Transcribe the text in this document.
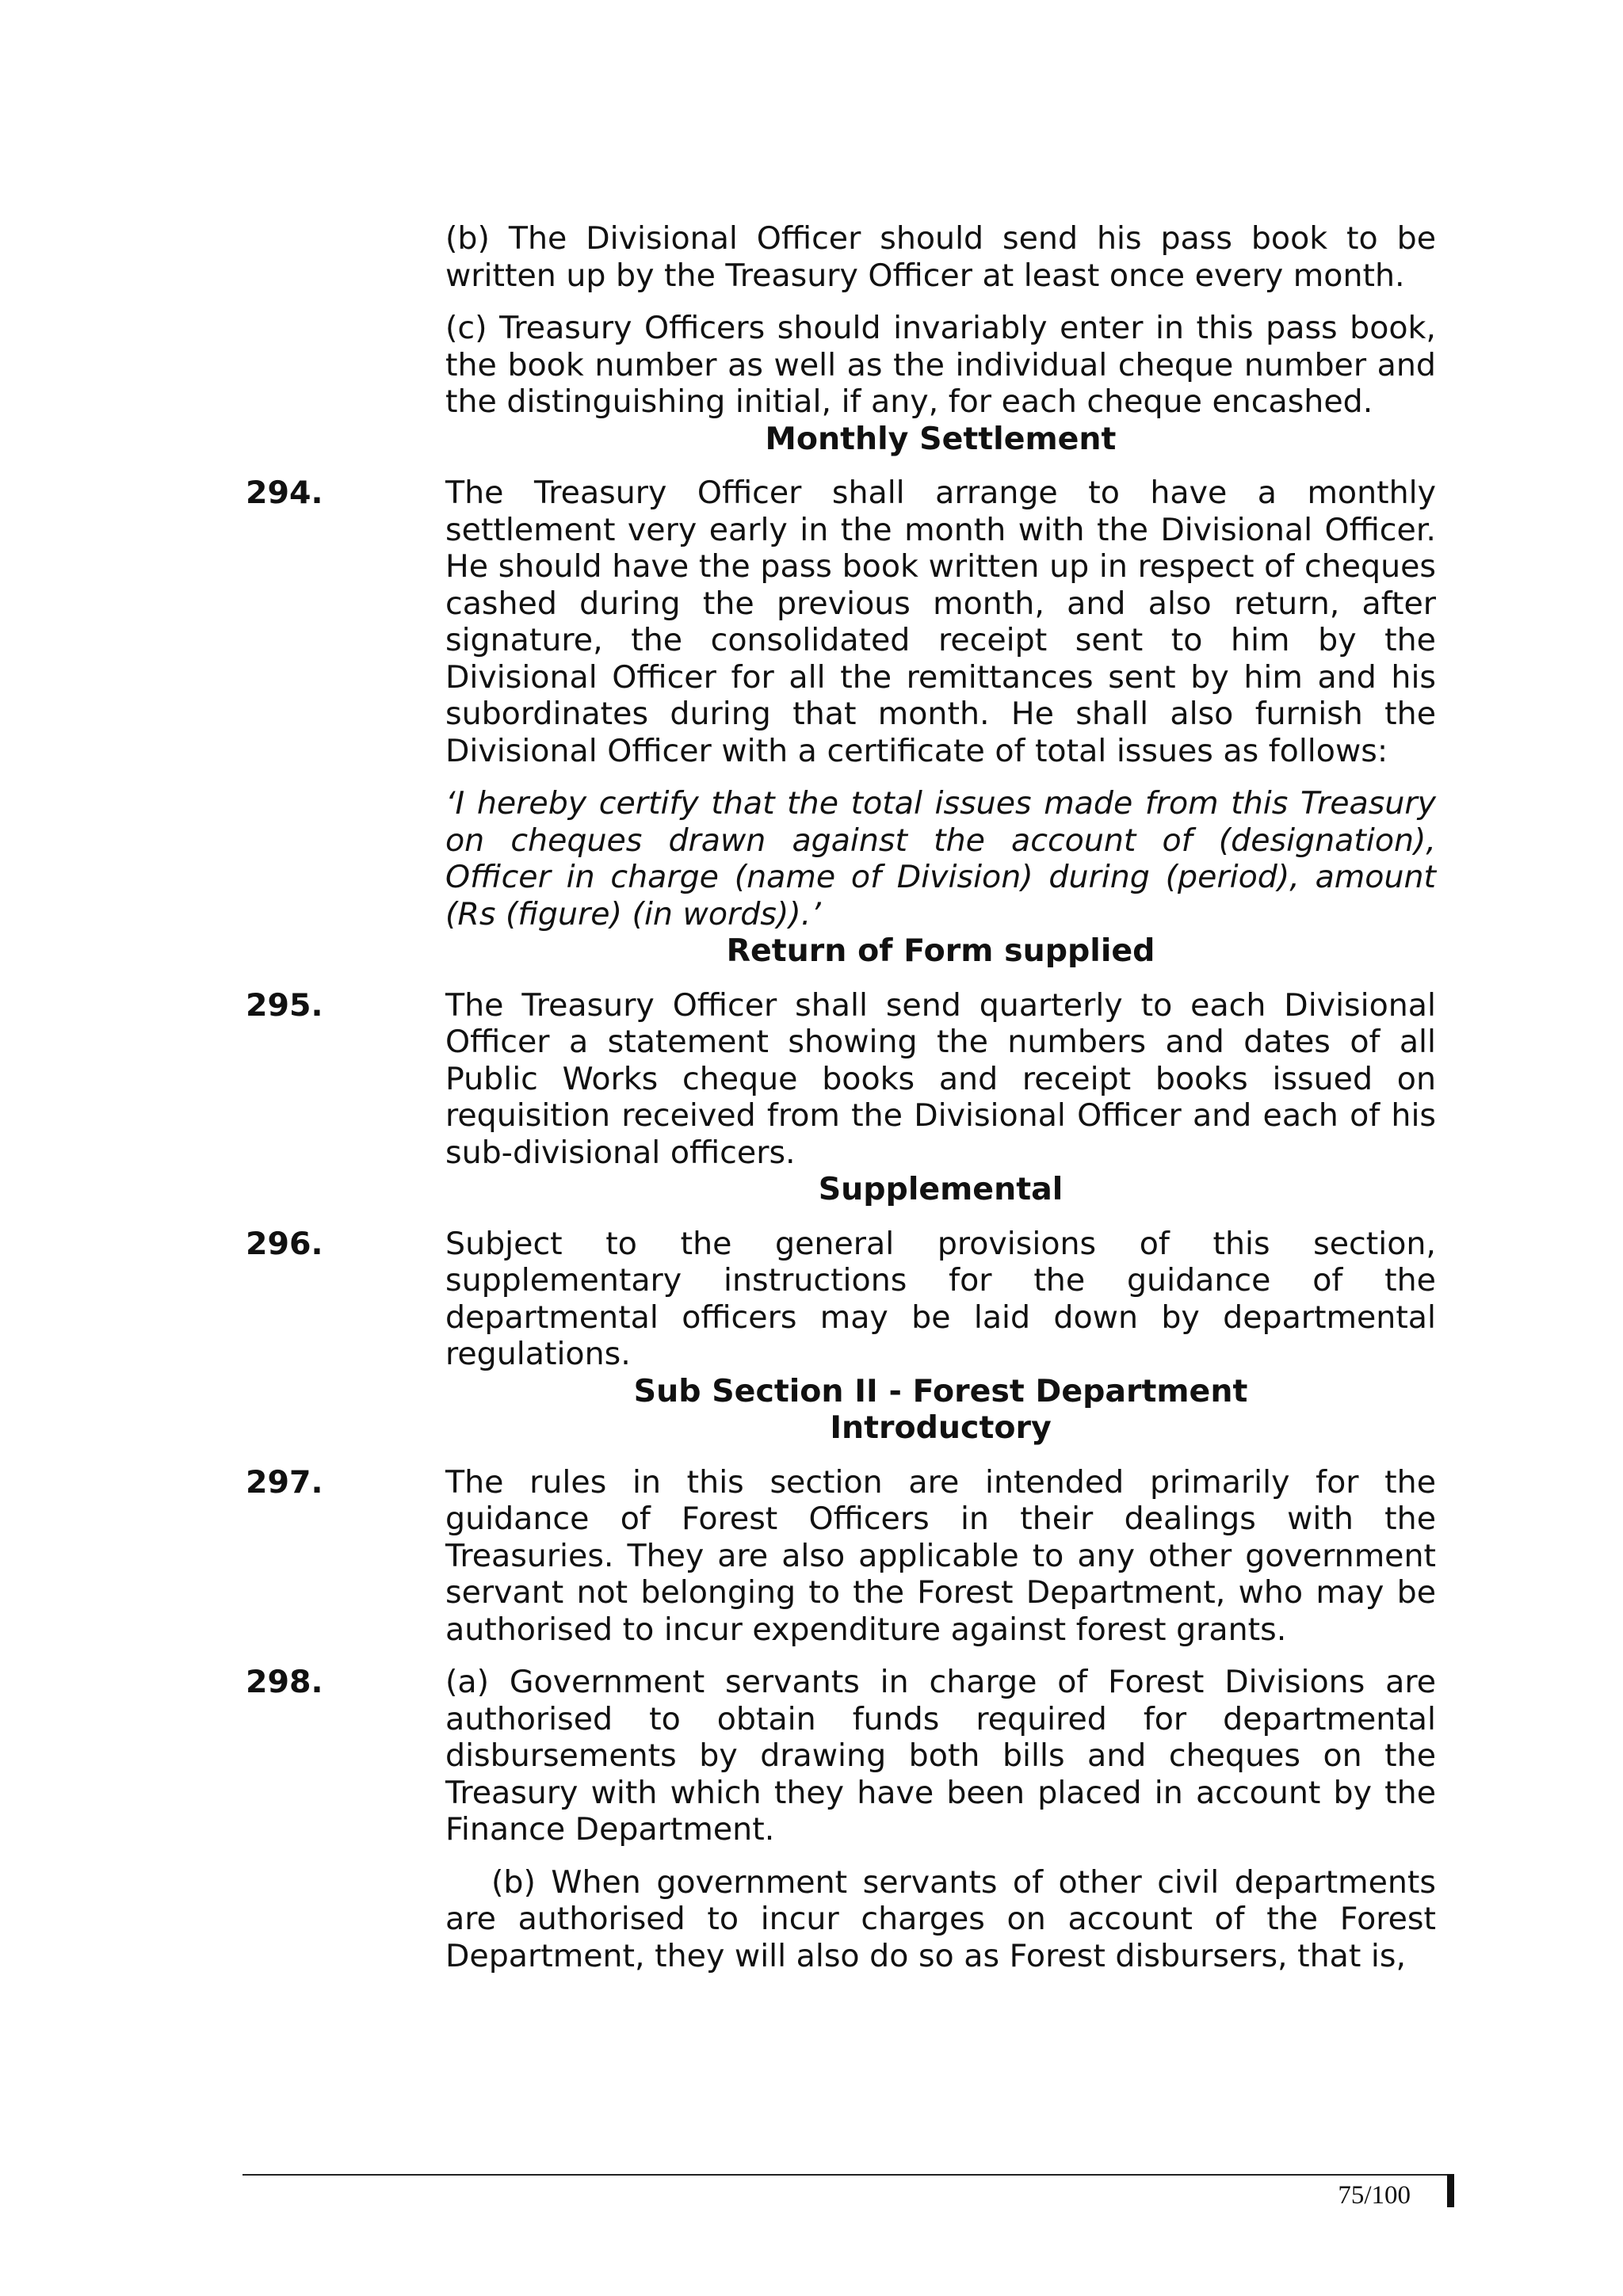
(b) The Divisional Officer should send his pass book to be written up by the Treasury Officer at least once every month.

(c) Treasury Officers should invariably enter in this pass book, the book number as well as the individual cheque number and the distinguishing initial, if any, for each cheque encashed.

Monthly Settlement

294.	The Treasury Officer shall arrange to have a monthly settlement very early in the month with the Divisional Officer. He should have the pass book written up in respect of cheques cashed during the previous month, and also return, after signature, the consolidated receipt sent to him by the Divisional Officer for all the remittances sent by him and his subordinates during that month. He shall also furnish the Divisional Officer with a certificate of total issues as follows:

‘I hereby certify that the total issues made from this Treasury on cheques drawn against the account of (designation), Officer in charge (name of Division) during (period), amount (Rs (figure) (in words)).’

Return of Form supplied

295.	The Treasury Officer shall send quarterly to each Divisional Officer a statement showing the numbers and dates of all Public Works cheque books and receipt books issued on requisition received from the Divisional Officer and each of his sub-divisional officers.

Supplemental

296.	Subject to the general provisions of this section, supplementary instructions for the guidance of the departmental officers may be laid down by departmental regulations.

Sub Section II - Forest Department

Introductory

297.	The rules in this section are intended primarily for the guidance of Forest Officers in their dealings with the Treasuries. They are also applicable to any other government servant not belonging to the Forest Department, who may be authorised to incur expenditure against forest grants.
298.	(a) Government servants in charge of Forest Divisions are authorised to obtain funds required for departmental disbursements by drawing both bills and cheques on the Treasury with which they have been placed in account by the Finance Department.

(b) When government servants of other civil departments are authorised to incur charges on account of the Forest Department, they will also do so as Forest disbursers, that is,

75/100
